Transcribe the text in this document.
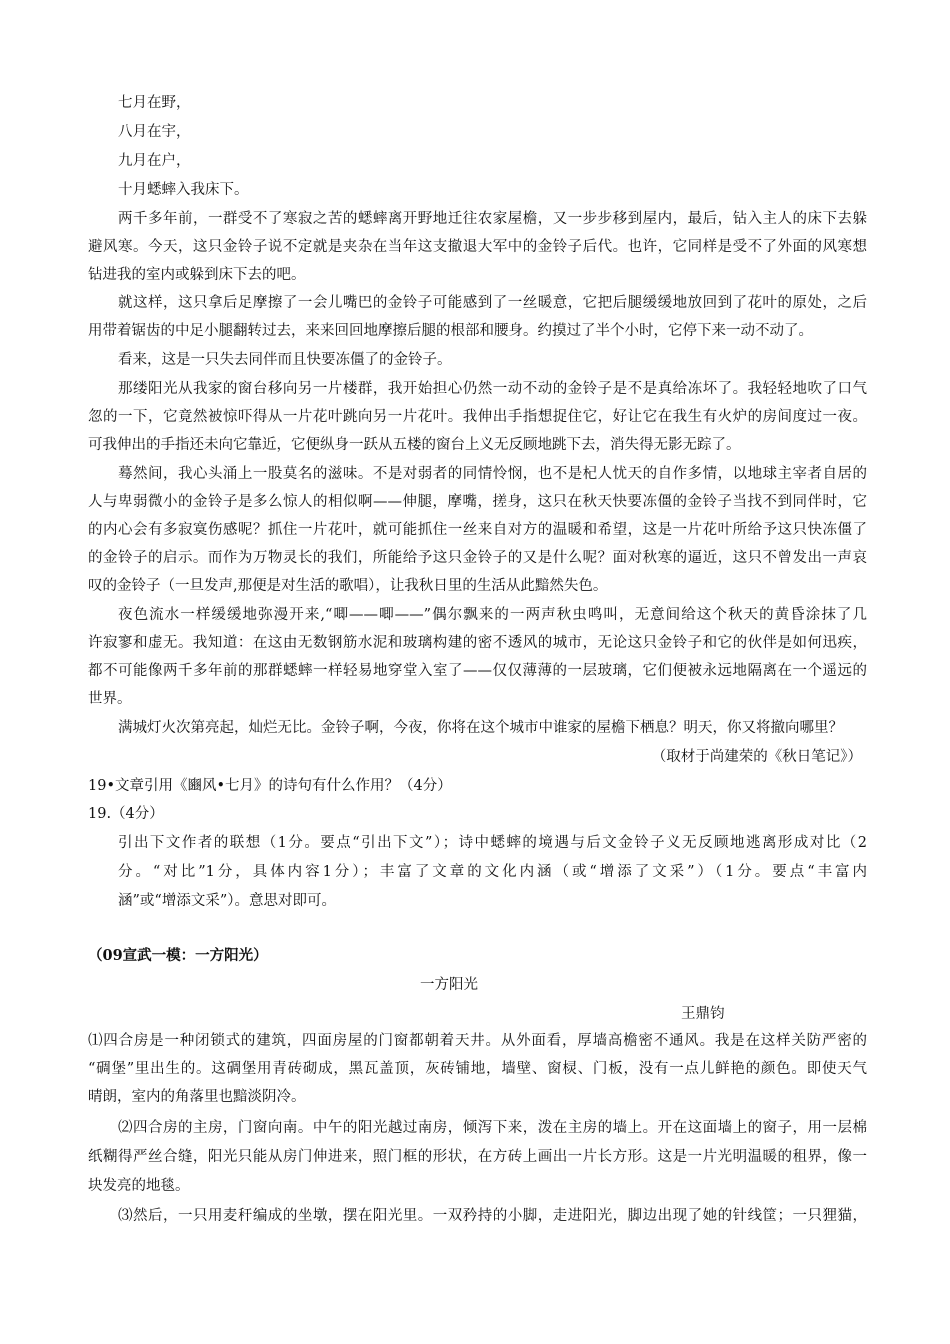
七月在野，
八月在宇，
九月在户，
十月蟋蟀入我床下。
两千多年前，一群受不了寒寂之苦的蟋蟀离开野地迁往农家屋檐，又一步步移到屋内，最后，钻入主人的床下去躲
避风寒。今天，这只金铃子说不定就是夹杂在当年这支撤退大军中的金铃子后代。也许，它同样是受不了外面的风寒想
钻进我的室内或躲到床下去的吧。
就这样，这只拿后足摩擦了一会儿嘴巴的金铃子可能感到了一丝暖意，它把后腿缓缓地放回到了花叶的原处，之后
用带着锯齿的中足小腿翻转过去，来来回回地摩擦后腿的根部和腰身。约摸过了半个小时，它停下来一动不动了。
看来，这是一只失去同伴而且快要冻僵了的金铃子。
那缕阳光从我家的窗台移向另一片楼群，我开始担心仍然一动不动的金铃子是不是真给冻坏了。我轻轻地吹了口气
忽的一下，它竟然被惊吓得从一片花叶跳向另一片花叶。我伸出手指想捉住它，好让它在我生有火炉的房间度过一夜。
可我伸出的手指还未向它靠近，它便纵身一跃从五楼的窗台上义无反顾地跳下去，消失得无影无踪了。
蓦然间，我心头涌上一股莫名的滋味。不是对弱者的同情怜悯，也不是杞人忧天的自作多情，以地球主宰者自居的
人与卑弱微小的金铃子是多么惊人的相似啊——伸腿，摩嘴，搓身，这只在秋天快要冻僵的金铃子当找不到同伴时，它
的内心会有多寂寞伤感呢？抓住一片花叶，就可能抓住一丝来自对方的温暖和希望，这是一片花叶所给予这只快冻僵了
的金铃子的启示。而作为万物灵长的我们，所能给予这只金铃子的又是什么呢？面对秋寒的逼近，这只不曾发出一声哀
叹的金铃子（一旦发声,那便是对生活的歌唱），让我秋日里的生活从此黯然失色。
夜色流水一样缓缓地弥漫开来,“唧——唧——”偶尔飘来的一两声秋虫鸣叫，无意间给这个秋天的黄昏涂抹了几
许寂寥和虚无。我知道：在这由无数钢筋水泥和玻璃构建的密不透风的城市，无论这只金铃子和它的伙伴是如何迅疾，
都不可能像两千多年前的那群蟋蟀一样轻易地穿堂入室了——仅仅薄薄的一层玻璃，它们便被永远地隔离在一个遥远的
世界。
满城灯火次第亮起，灿烂无比。金铃子啊，今夜，你将在这个城市中谁家的屋檐下栖息？明天，你又将撤向哪里？
（取材于尚建荣的《秋日笔记》）
19•文章引用《豳风•七月》的诗句有什么作用？（4分）
19.（4分）
引出下文作者的联想（1分。要点“引出下文”）；诗中蟋蟀的境遇与后文金铃子义无反顾地逃离形成对比（2
分。“对比”1分，具体内容1分）；丰富了文章的文化内涵（或“增添了文采”）（1分。要点“丰富内
涵”或“增添文采”）。意思对即可。
（09宣武一模：一方阳光）
一方阳光
王鼎钧
⑴四合房是一种闭锁式的建筑，四面房屋的门窗都朝着天井。从外面看，厚墙高檐密不通风。我是在这样关防严密的
“碉堡”里出生的。这碉堡用青砖砌成，黑瓦盖顶，灰砖铺地，墙壁、窗棂、门板，没有一点儿鲜艳的颜色。即使天气
晴朗，室内的角落里也黯淡阴冷。
⑵四合房的主房，门窗向南。中午的阳光越过南房，倾泻下来，泼在主房的墙上。开在这面墙上的窗子，用一层棉
纸糊得严丝合缝，阳光只能从房门伸进来，照门框的形状，在方砖上画出一片长方形。这是一片光明温暖的租界，像一
块发亮的地毯。
⑶然后，一只用麦秆编成的坐墩，摆在阳光里。一双矜持的小脚，走进阳光，脚边出现了她的针线筐；一只狸猫，
